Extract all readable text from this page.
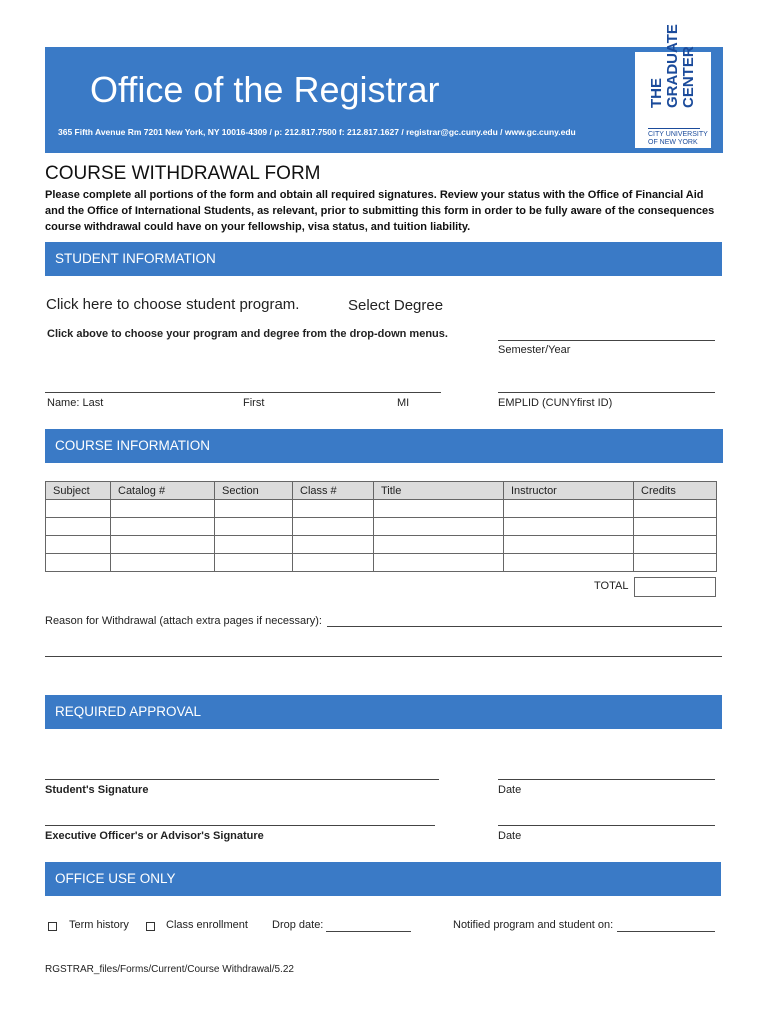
Office of the Registrar
365 Fifth Avenue Rm 7201 New York, NY 10016-4309 / p: 212.817.7500 f: 212.817.1627 / registrar@gc.cuny.edu / www.gc.cuny.edu
THE GRADUATE CENTER
CITY UNIVERSITY
OF NEW YORK
COURSE WITHDRAWAL FORM
Please complete all portions of the form and obtain all required signatures. Review your status with the Office of Financial Aid and the Office of International Students, as relevant, prior to submitting this form in order to be fully aware of the consequences course withdrawal could have on your fellowship, visa status, and tuition liability.
STUDENT INFORMATION
Click here to choose student program.	Select Degree
Click above to choose your program and degree from the drop-down menus.
Semester/Year
Name: Last	First	MI	EMPLID (CUNYfirst ID)
COURSE INFORMATION
Subject	Catalog #	Section	Class #	Title	Instructor	Credits

TOTAL
Reason for Withdrawal (attach extra pages if necessary):
REQUIRED APPROVAL
Student's Signature	Date
Executive Officer's or Advisor's Signature	Date
OFFICE USE ONLY
Term history	Class enrollment Drop date:	Notified program and student on:
RGSTRAR_files/Forms/Current/Course Withdrawal/5.22
